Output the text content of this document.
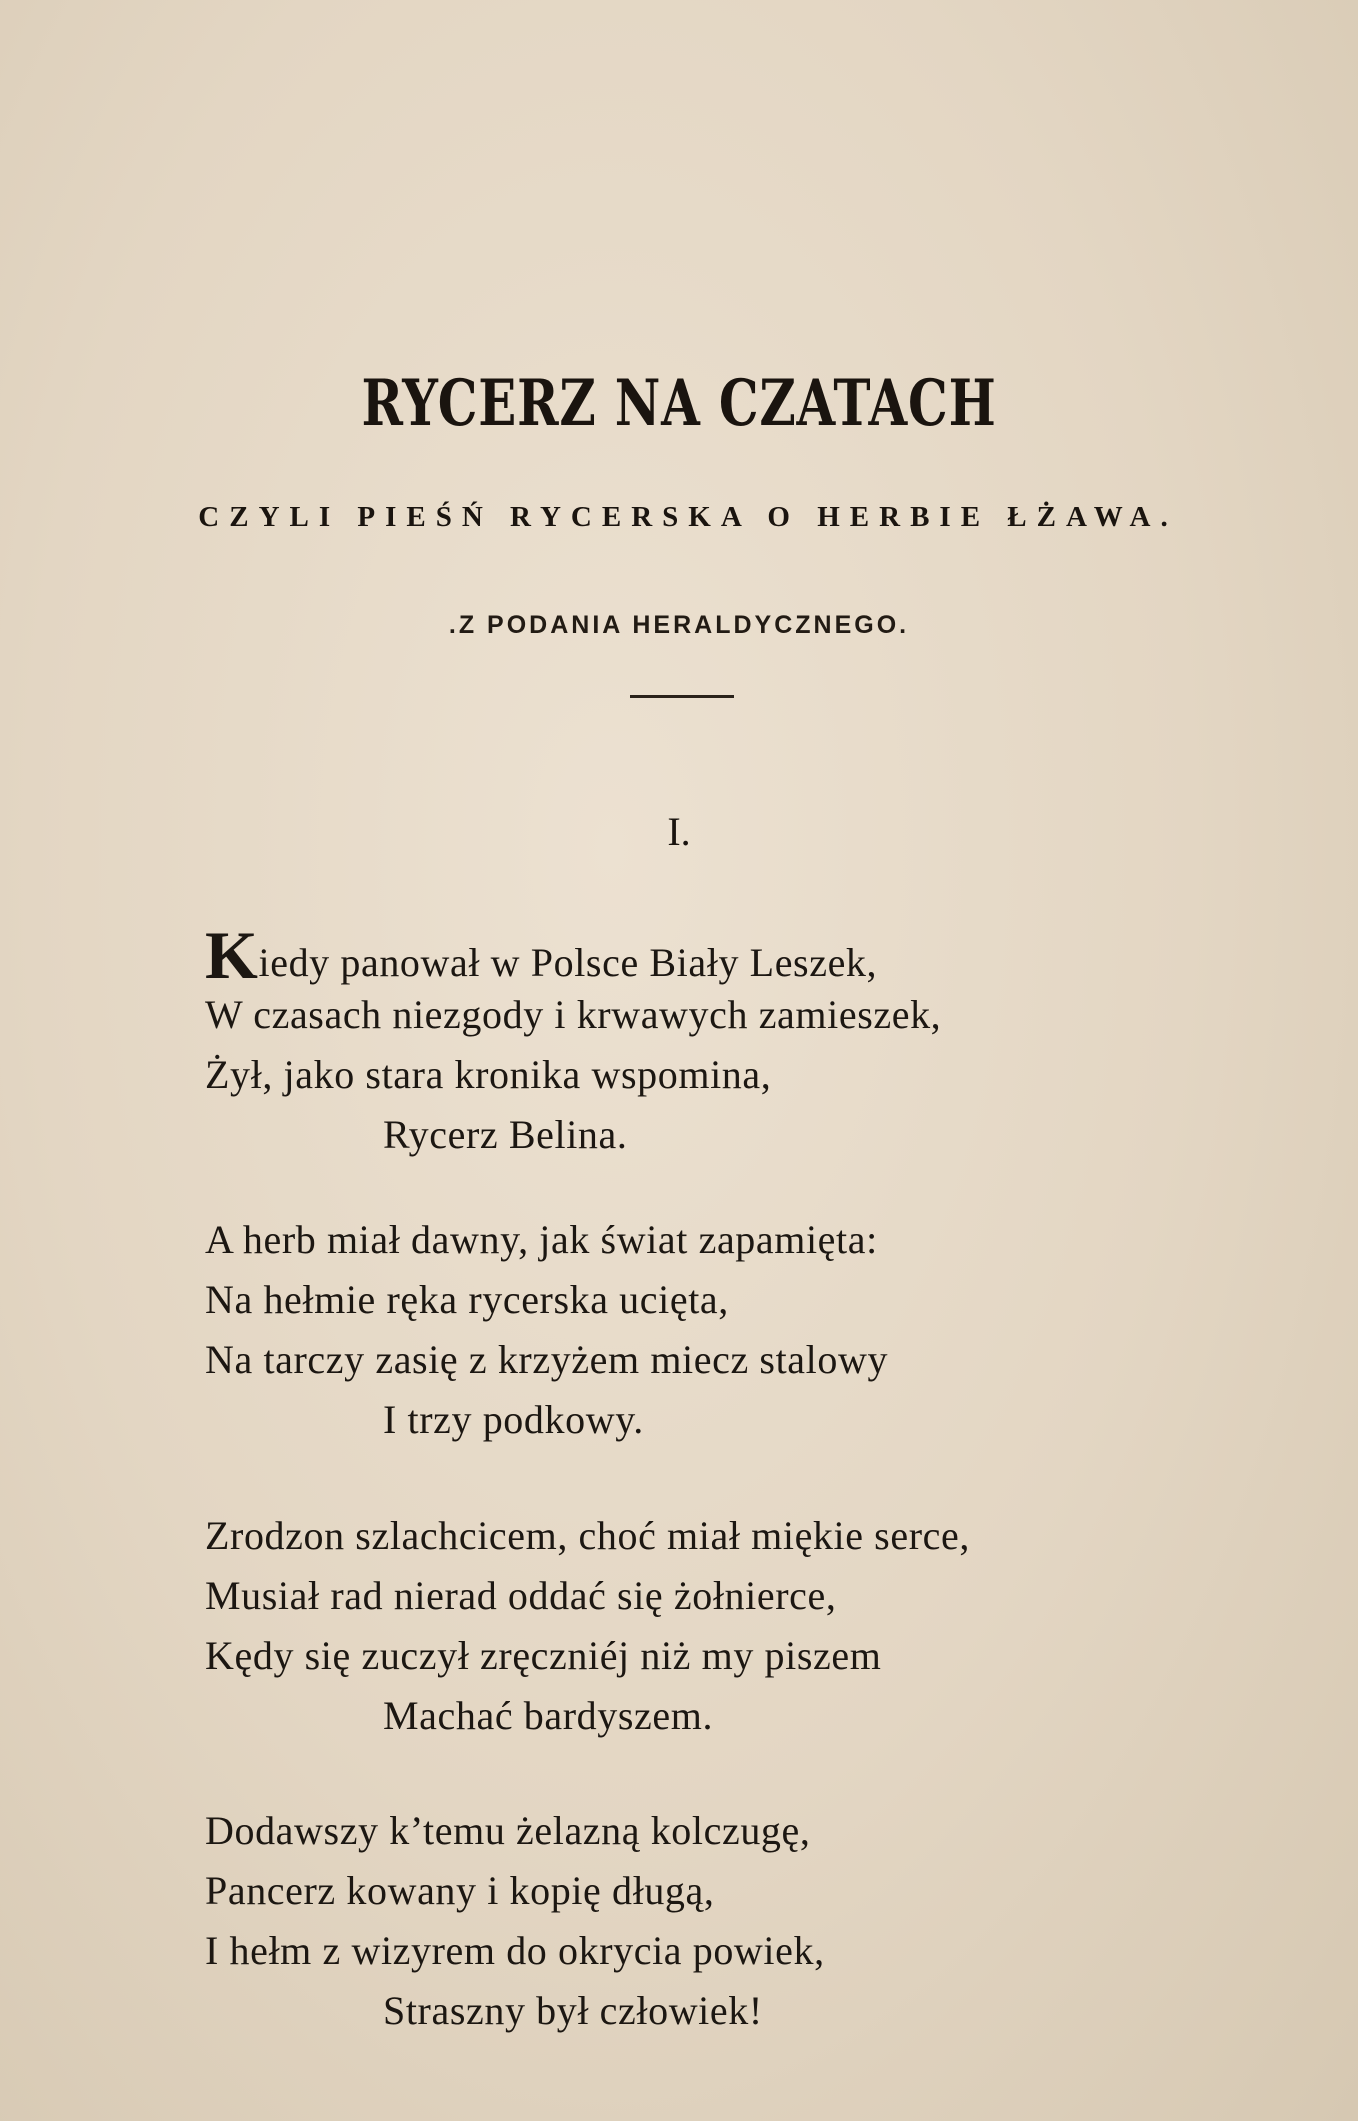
RYCERZ NA CZATACH
CZYLI PIEŚŃ RYCERSKA O HERBIE ŁŻAWA.
.Z PODANIA HERALDYCZNEGO.
I.
Kiedy panował w Polsce Biały Leszek,
W czasach niezgody i krwawych zamieszek,
Żył, jako stara kronika wspomina,
Rycerz Belina.
A herb miał dawny, jak świat zapamięta:
Na hełmie ręka rycerska ucięta,
Na tarczy zasię z krzyżem miecz stalowy
I trzy podkowy.
Zrodzon szlachcicem, choć miał miękie serce,
Musiał rad nierad oddać się żołnierce,
Kędy się zuczył zręczniéj niż my piszem
Machać bardyszem.
Dodawszy k’temu żelazną kolczugę,
Pancerz kowany i kopię długą,
I hełm z wizyrem do okrycia powiek,
Straszny był człowiek!
